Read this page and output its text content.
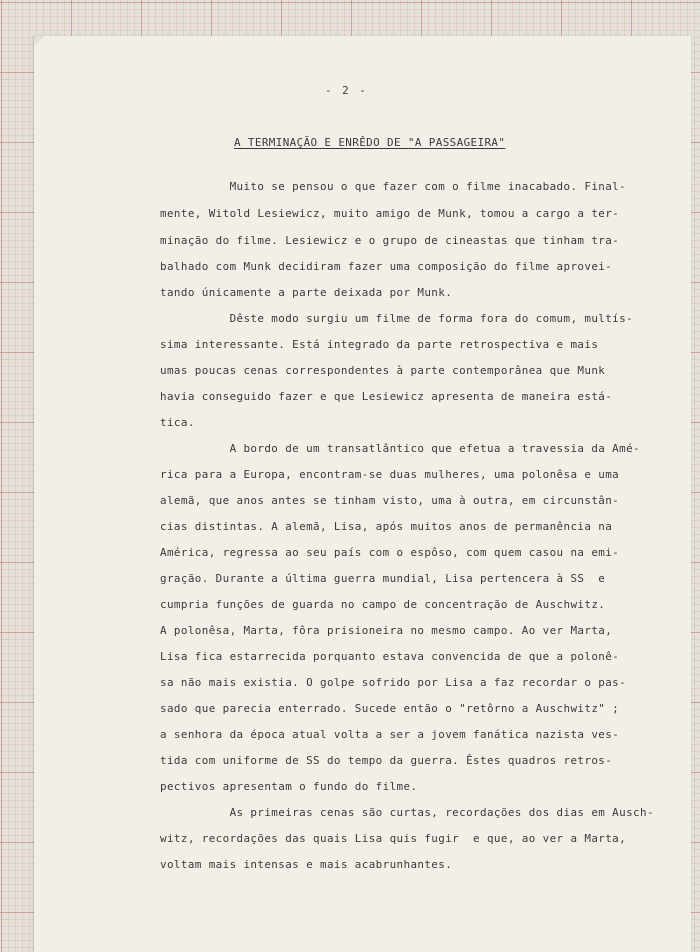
- 2 -

A TERMINAÇÃO E ENRÊDO DE "A PASSAGEIRA"

Muito se pensou o que fazer com o filme inacabado. Final-

mente, Witold Lesiewicz, muito amigo de Munk, tomou a cargo a ter-

minação do filme. Lesiewicz e o grupo de cineastas que tinham tra-

balhado com Munk decidiram fazer uma composição do filme aprovei-

tando únicamente a parte deixada por Munk.

Dêste modo surgiu um filme de forma fora do comum, multís-

sima interessante. Está integrado da parte retrospectiva e mais

umas poucas cenas correspondentes à parte contemporânea que Munk

havia conseguido fazer e que Lesiewicz apresenta de maneira está-

tica.

A bordo de um transatlântico que efetua a travessia da Amé-

rica para a Europa, encontram-se duas mulheres, uma polonêsa e uma

alemã, que anos antes se tinham visto, uma à outra, em circunstân-

cias distintas. A alemã, Lisa, após muitos anos de permanência na

América, regressa ao seu país com o espôso, com quem casou na emi-

gração. Durante a última guerra mundial, Lisa pertencera à SS  e

cumpria funções de guarda no campo de concentração de Auschwitz.

A polonêsa, Marta, fôra prisioneira no mesmo campo. Ao ver Marta,

Lisa fica estarrecida porquanto estava convencida de que a polonê-

sa não mais existia. O golpe sofrido por Lisa a faz recordar o pas-

sado que parecia enterrado. Sucede então o "retôrno a Auschwitz" ;

a senhora da época atual volta a ser a jovem fanática nazista ves-

tida com uniforme de SS do tempo da guerra. Êstes quadros retros-

pectivos apresentam o fundo do filme.

As primeiras cenas são curtas, recordações dos dias em Ausch-

witz, recordações das quais Lisa quis fugir  e que, ao ver a Marta,

voltam mais intensas e mais acabrunhantes.
